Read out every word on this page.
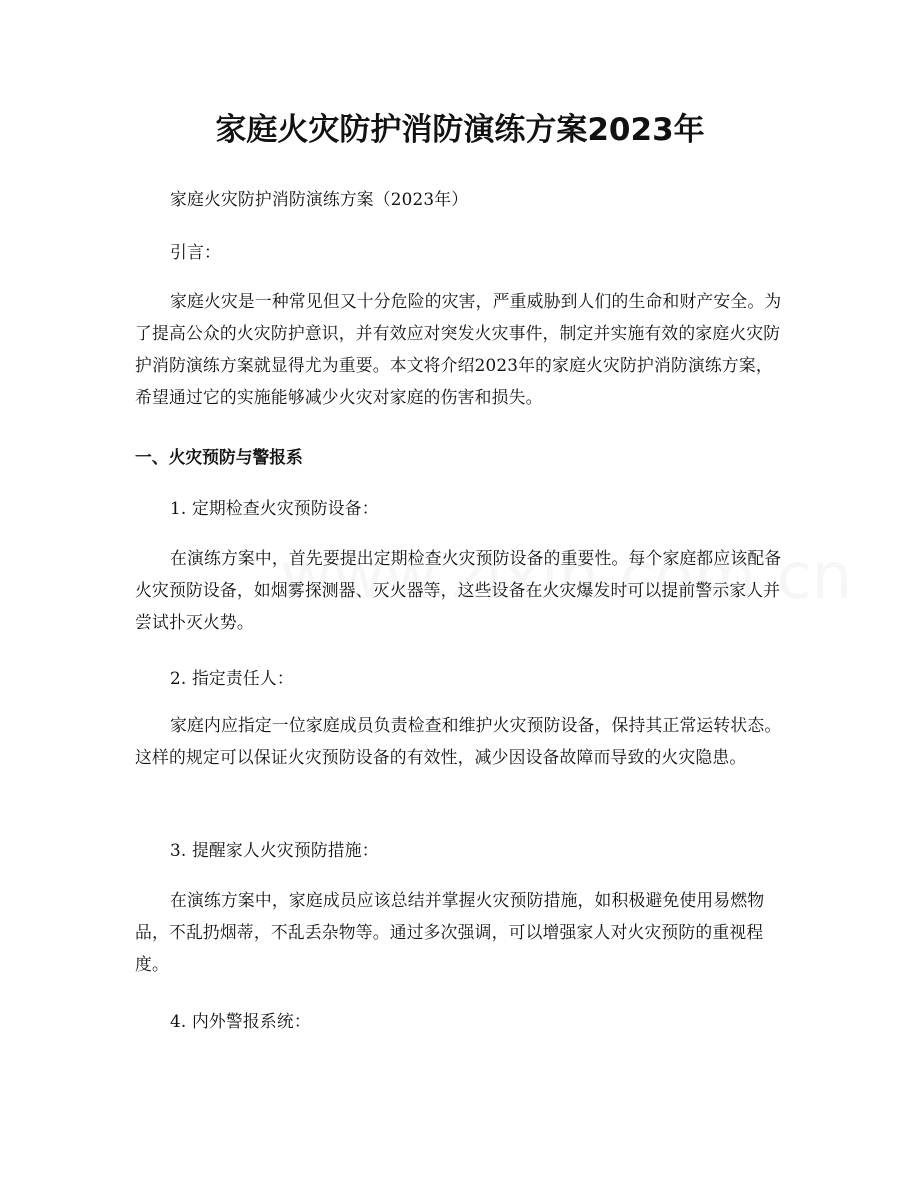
家庭火灾防护消防演练方案2023年

家庭火灾防护消防演练方案（2023年）

引言：

家庭火灾是一种常见但又十分危险的灾害，严重威胁到人们的生命和财产安全。为了提高公众的火灾防护意识，并有效应对突发火灾事件，制定并实施有效的家庭火灾防护消防演练方案就显得尤为重要。本文将介绍2023年的家庭火灾防护消防演练方案，希望通过它的实施能够减少火灾对家庭的伤害和损失。

一、火灾预防与警报系

1. 定期检查火灾预防设备：

在演练方案中，首先要提出定期检查火灾预防设备的重要性。每个家庭都应该配备火灾预防设备，如烟雾探测器、灭火器等，这些设备在火灾爆发时可以提前警示家人并尝试扑灭火势。

2. 指定责任人：

家庭内应指定一位家庭成员负责检查和维护火灾预防设备，保持其正常运转状态。这样的规定可以保证火灾预防设备的有效性，减少因设备故障而导致的火灾隐患。

3. 提醒家人火灾预防措施：

在演练方案中，家庭成员应该总结并掌握火灾预防措施，如积极避免使用易燃物品，不乱扔烟蒂，不乱丢杂物等。通过多次强调，可以增强家人对火灾预防的重视程度。

4. 内外警报系统：
